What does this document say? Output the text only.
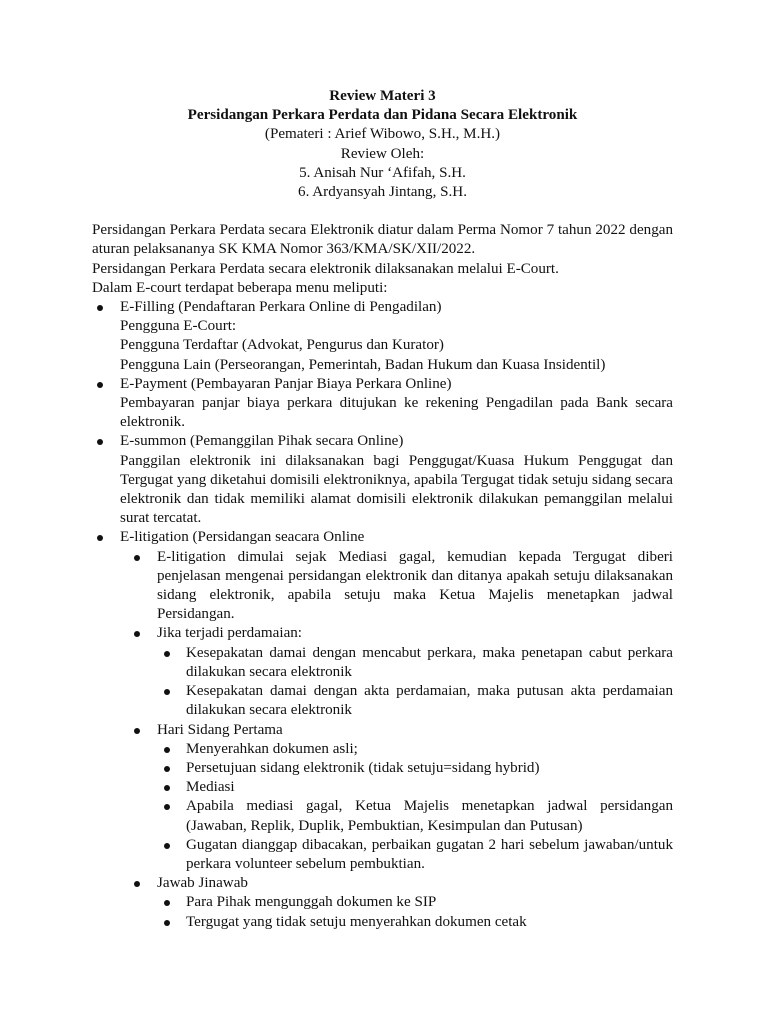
Review Materi 3

Persidangan Perkara Perdata dan Pidana Secara Elektronik

(Pemateri : Arief Wibowo, S.H., M.H.)

Review Oleh:

5. Anisah Nur ‘Afifah, S.H.

6. Ardyansyah Jintang, S.H.

Persidangan Perkara Perdata secara Elektronik diatur dalam Perma Nomor 7 tahun 2022 dengan aturan pelaksananya SK KMA Nomor 363/KMA/SK/XII/2022.

Persidangan Perkara Perdata secara elektronik dilaksanakan melalui E-Court.

Dalam E-court terdapat beberapa menu meliputi:

E-Filling (Pendaftaran Perkara Online di Pengadilan)
Pengguna E-Court:
Pengguna Terdaftar (Advokat, Pengurus dan Kurator)
Pengguna Lain (Perseorangan, Pemerintah, Badan Hukum dan Kuasa Insidentil)
E-Payment (Pembayaran Panjar Biaya Perkara Online)
Pembayaran panjar biaya perkara ditujukan ke rekening Pengadilan pada Bank secara elektronik.
E-summon (Pemanggilan Pihak secara Online)
Panggilan elektronik ini dilaksanakan bagi Penggugat/Kuasa Hukum Penggugat dan Tergugat yang diketahui domisili elektroniknya, apabila Tergugat tidak setuju sidang secara elektronik dan tidak memiliki alamat domisili elektronik dilakukan pemanggilan melalui surat tercatat.
E-litigation (Persidangan seacara Online
E-litigation dimulai sejak Mediasi gagal, kemudian kepada Tergugat diberi penjelasan mengenai persidangan elektronik dan ditanya apakah setuju dilaksanakan sidang elektronik, apabila setuju maka Ketua Majelis menetapkan jadwal Persidangan.
Jika terjadi perdamaian:
Kesepakatan damai dengan mencabut perkara, maka penetapan cabut perkara dilakukan secara elektronik
Kesepakatan damai dengan akta perdamaian, maka putusan akta perdamaian dilakukan secara elektronik
Hari Sidang Pertama
Menyerahkan dokumen asli;
Persetujuan sidang elektronik (tidak setuju=sidang hybrid)
Mediasi
Apabila mediasi gagal, Ketua Majelis menetapkan jadwal persidangan (Jawaban, Replik, Duplik, Pembuktian, Kesimpulan dan Putusan)
Gugatan dianggap dibacakan, perbaikan gugatan 2 hari sebelum jawaban/untuk perkara volunteer sebelum pembuktian.
Jawab Jinawab
Para Pihak mengunggah dokumen ke SIP
Tergugat yang tidak setuju menyerahkan dokumen cetak
